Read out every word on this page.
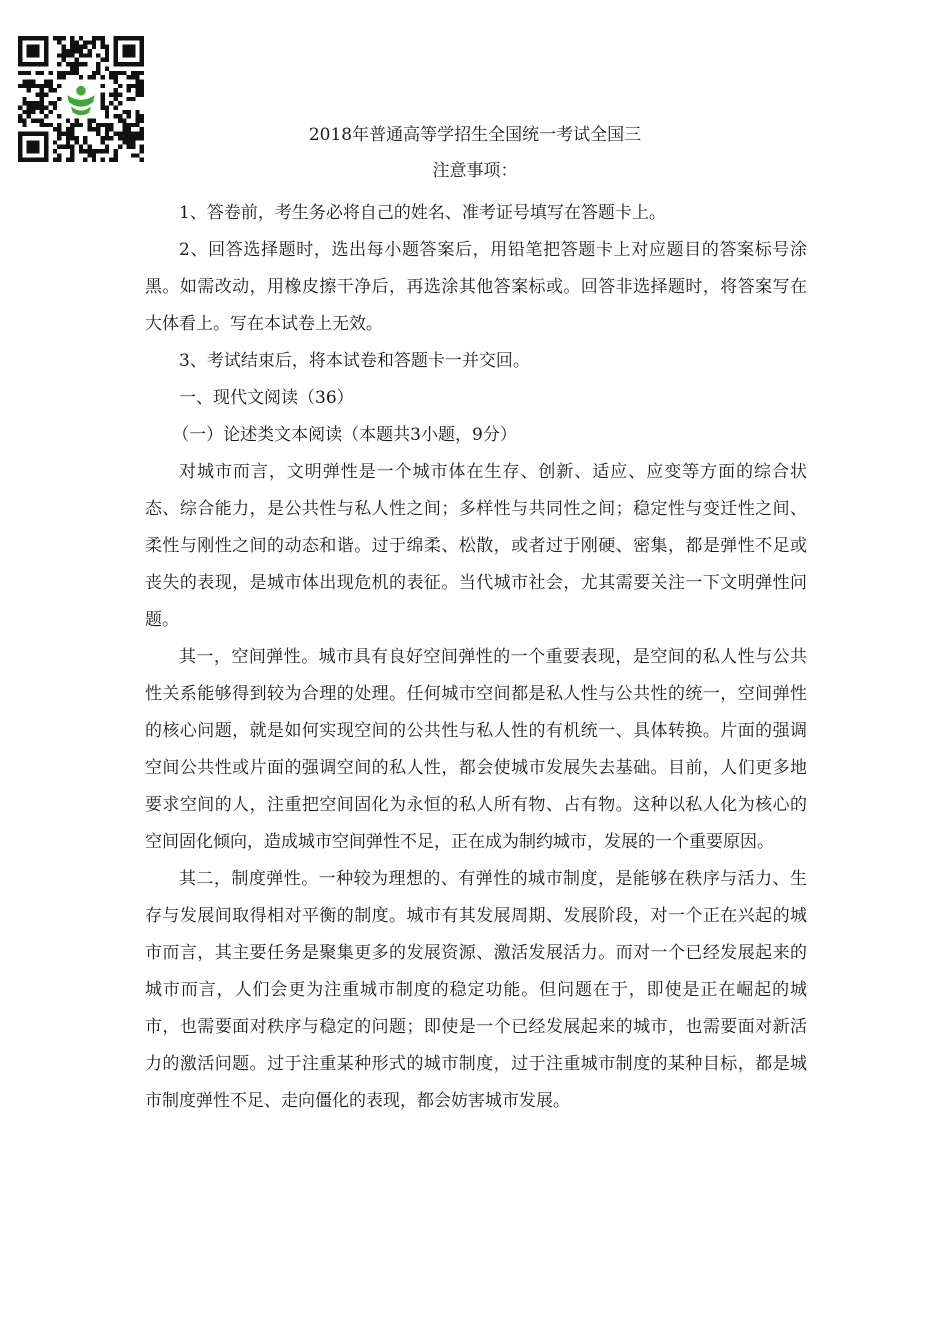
2018年普通高等学招生全国统一考试全国三
注意事项：

1、答卷前，考生务必将自己的姓名、准考证号填写在答题卡上。

2、回答选择题时，选出每小题答案后，用铅笔把答题卡上对应题目的答案标号涂黑。如需改动，用橡皮擦干净后，再选涂其他答案标或。回答非选择题时，将答案写在大体看上。写在本试卷上无效。

3、考试结束后，将本试卷和答题卡一并交回。

一、现代文阅读（36）

（一）论述类文本阅读（本题共3小题，9分）

对城市而言，文明弹性是一个城市体在生存、创新、适应、应变等方面的综合状态、综合能力，是公共性与私人性之间；多样性与共同性之间；稳定性与变迁性之间、柔性与刚性之间的动态和谐。过于绵柔、松散，或者过于刚硬、密集，都是弹性不足或丧失的表现，是城市体出现危机的表征。当代城市社会，尤其需要关注一下文明弹性问题。

其一，空间弹性。城市具有良好空间弹性的一个重要表现，是空间的私人性与公共性关系能够得到较为合理的处理。任何城市空间都是私人性与公共性的统一，空间弹性的核心问题，就是如何实现空间的公共性与私人性的有机统一、具体转换。片面的强调空间公共性或片面的强调空间的私人性，都会使城市发展失去基础。目前，人们更多地要求空间的人，注重把空间固化为永恒的私人所有物、占有物。这种以私人化为核心的空间固化倾向，造成城市空间弹性不足，正在成为制约城市，发展的一个重要原因。

其二，制度弹性。一种较为理想的、有弹性的城市制度，是能够在秩序与活力、生存与发展间取得相对平衡的制度。城市有其发展周期、发展阶段，对一个正在兴起的城市而言，其主要任务是聚集更多的发展资源、激活发展活力。而对一个已经发展起来的城市而言，人们会更为注重城市制度的稳定功能。但问题在于，即使是正在崛起的城市，也需要面对秩序与稳定的问题；即使是一个已经发展起来的城市，也需要面对新活力的激活问题。过于注重某种形式的城市制度，过于注重城市制度的某种目标，都是城市制度弹性不足、走向僵化的表现，都会妨害城市发展。
